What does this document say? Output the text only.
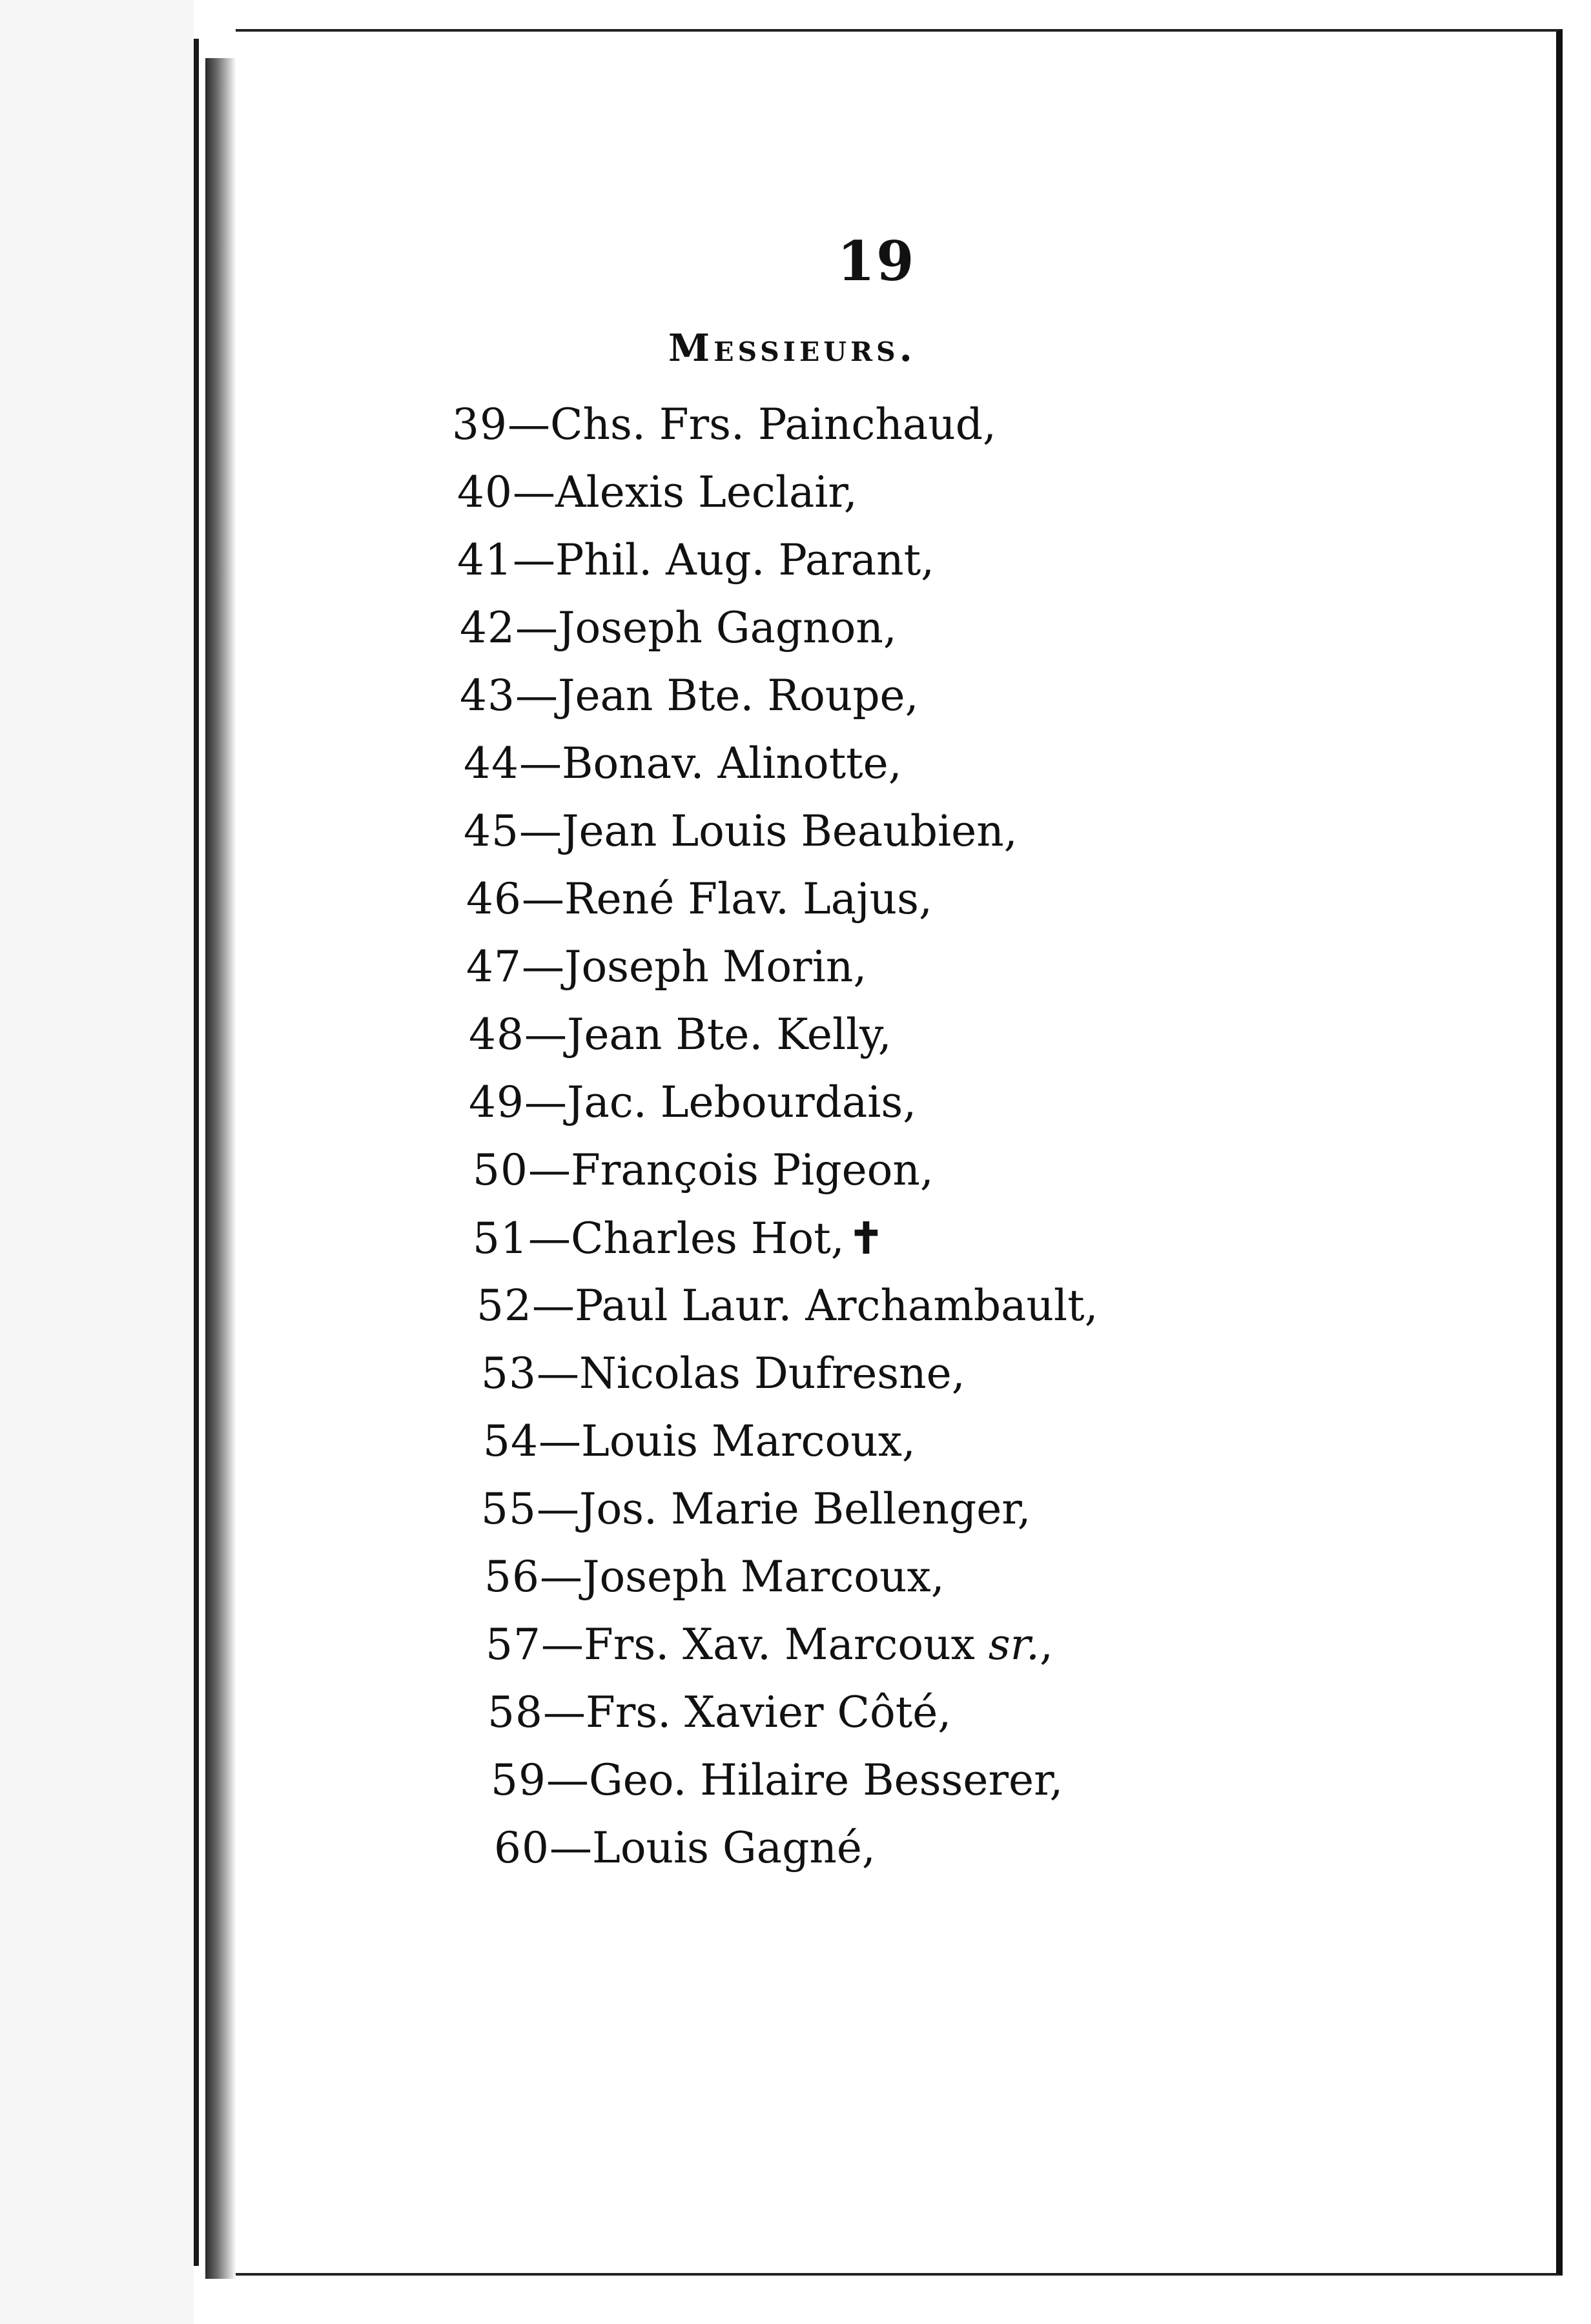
19
Messieurs.
39—Chs. Frs. Painchaud,
40—Alexis Leclair,
41—Phil. Aug. Parant,
42—Joseph Gagnon,
43—Jean Bte. Roupe,
44—Bonav. Alinotte,
45—Jean Louis Beaubien,
46—René Flav. Lajus,
47—Joseph Morin,
48—Jean Bte. Kelly,
49—Jac. Lebourdais,
50—François Pigeon,
51—Charles Hot,✝
52—Paul Laur. Archambault,
53—Nicolas Dufresne,
54—Louis Marcoux,
55—Jos. Marie Bellenger,
56—Joseph Marcoux,
57—Frs. Xav. Marcoux sr.,
58—Frs. Xavier Côté,
59—Geo. Hilaire Besserer,
60—Louis Gagné,
